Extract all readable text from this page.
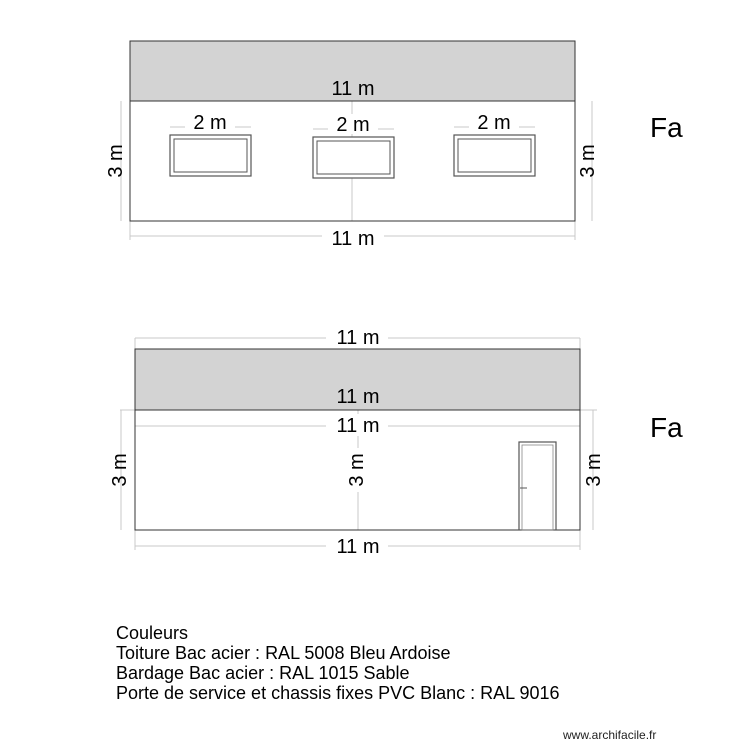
11 m
2 m	2 m	2 m
11 m
3 m	3 m
Fa
11 m
11 m
11 m
11 m
3 m	3 m	3 m
Fa
Couleurs
Toiture Bac acier : RAL 5008 Bleu Ardoise
Bardage Bac acier : RAL 1015 Sable
Porte de service et chassis fixes PVC Blanc : RAL 9016
www.archifacile.fr
